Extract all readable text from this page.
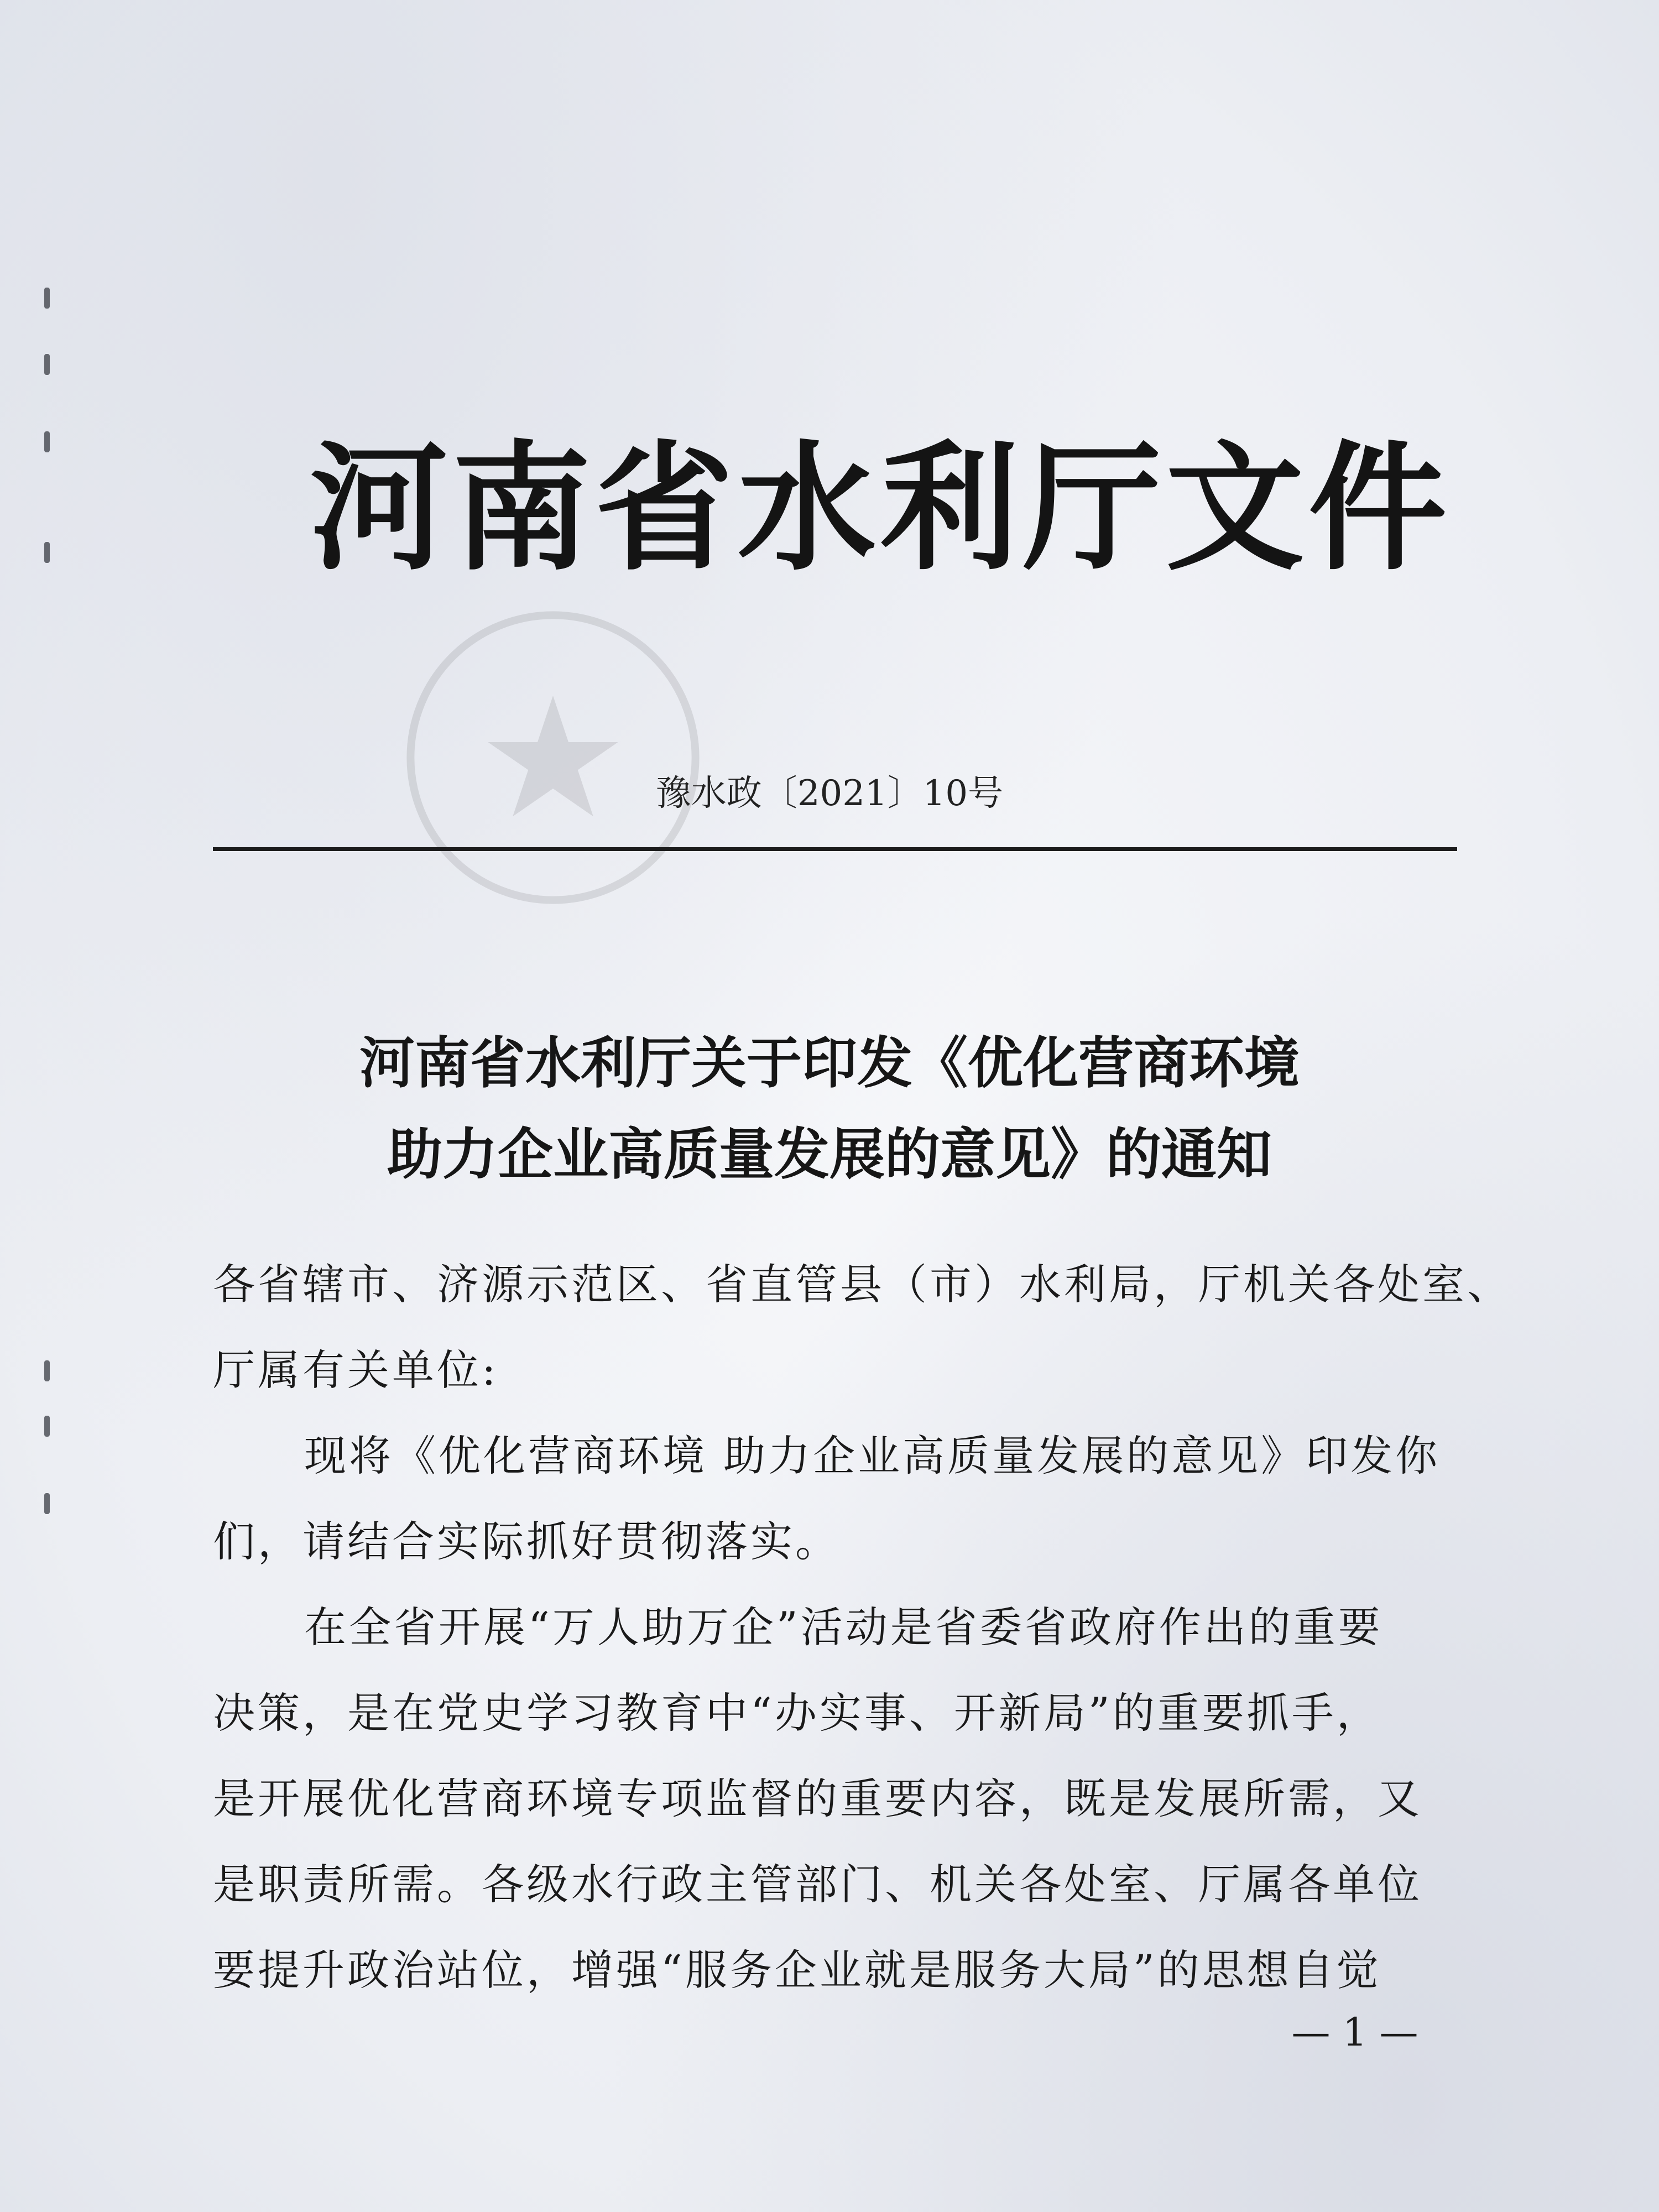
河南省水利厅文件
豫水政〔2021〕10号
河南省水利厅关于印发《优化营商环境
助力企业高质量发展的意见》的通知
各省辖市、济源示范区、省直管县（市）水利局，厅机关各处室、
厅属有关单位:
现将《优化营商环境 助力企业高质量发展的意见》印发你
们，请结合实际抓好贯彻落实。
在全省开展“万人助万企”活动是省委省政府作出的重要
决策，是在党史学习教育中“办实事、开新局”的重要抓手，
是开展优化营商环境专项监督的重要内容，既是发展所需，又
是职责所需。各级水行政主管部门、机关各处室、厅属各单位
要提升政治站位，增强“服务企业就是服务大局”的思想自觉
— 1 —
